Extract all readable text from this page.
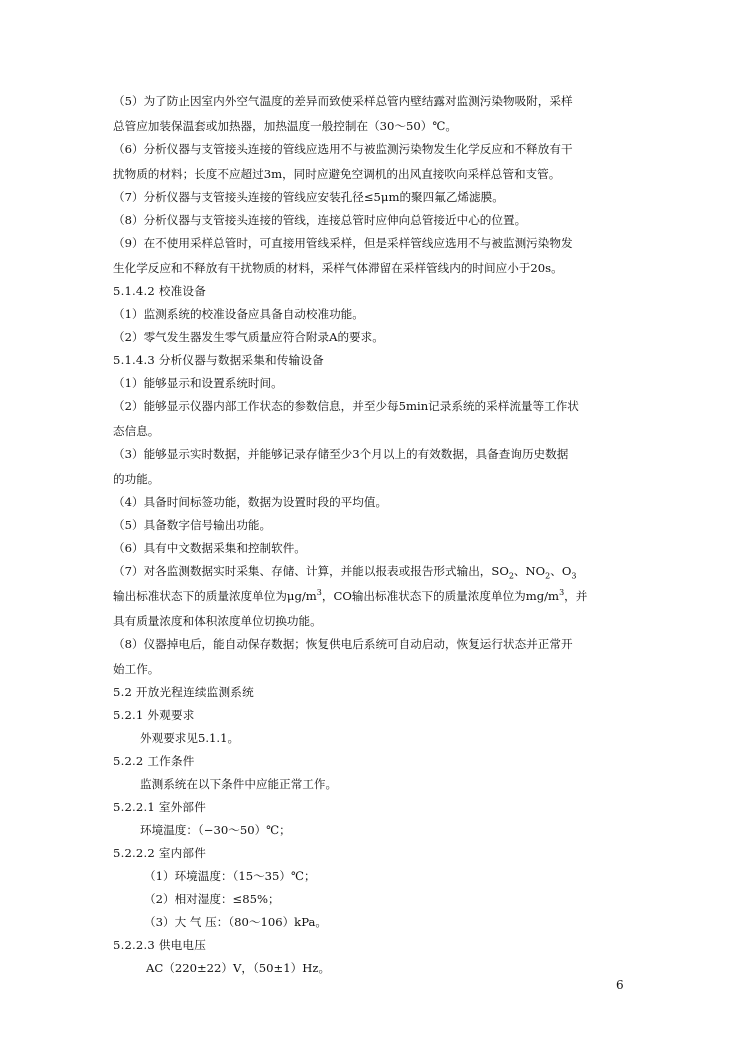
（5）为了防止因室内外空气温度的差异而致使采样总管内壁结露对监测污染物吸附，采样

总管应加装保温套或加热器，加热温度一般控制在（30～50）℃。

（6）分析仪器与支管接头连接的管线应选用不与被监测污染物发生化学反应和不释放有干

扰物质的材料；长度不应超过3m，同时应避免空调机的出风直接吹向采样总管和支管。

（7）分析仪器与支管接头连接的管线应安装孔径≤5μm的聚四氟乙烯滤膜。

（8）分析仪器与支管接头连接的管线，连接总管时应伸向总管接近中心的位置。

（9）在不使用采样总管时，可直接用管线采样，但是采样管线应选用不与被监测污染物发

生化学反应和不释放有干扰物质的材料，采样气体滞留在采样管线内的时间应小于20s。

5.1.4.2 校准设备

（1）监测系统的校准设备应具备自动校准功能。

（2）零气发生器发生零气质量应符合附录A的要求。

5.1.4.3 分析仪器与数据采集和传输设备

（1）能够显示和设置系统时间。

（2）能够显示仪器内部工作状态的参数信息，并至少每5min记录系统的采样流量等工作状

态信息。

（3）能够显示实时数据，并能够记录存储至少3个月以上的有效数据，具备查询历史数据

的功能。

（4）具备时间标签功能，数据为设置时段的平均值。

（5）具备数字信号输出功能。

（6）具有中文数据采集和控制软件。

（7）对各监测数据实时采集、存储、计算，并能以报表或报告形式输出，$SO_2$、$NO_2$、$O_3$

输出标准状态下的质量浓度单位为$\mu g/m^3$，CO输出标准状态下的质量浓度单位为$mg/m^3$，并

具有质量浓度和体积浓度单位切换功能。

（8）仪器掉电后，能自动保存数据；恢复供电后系统可自动启动，恢复运行状态并正常开

始工作。

5.2 开放光程连续监测系统

5.2.1 外观要求

外观要求见5.1.1。

5.2.2 工作条件

监测系统在以下条件中应能正常工作。

5.2.2.1 室外部件

环境温度：（−30～50）℃；

5.2.2.2 室内部件

（1）环境温度：（15～35）℃；

（2）相对湿度：≤85%；

（3）大 气 压：（80～106）kPa。

5.2.2.3 供电电压

AC（220±22）V，（50±1）Hz。

6
